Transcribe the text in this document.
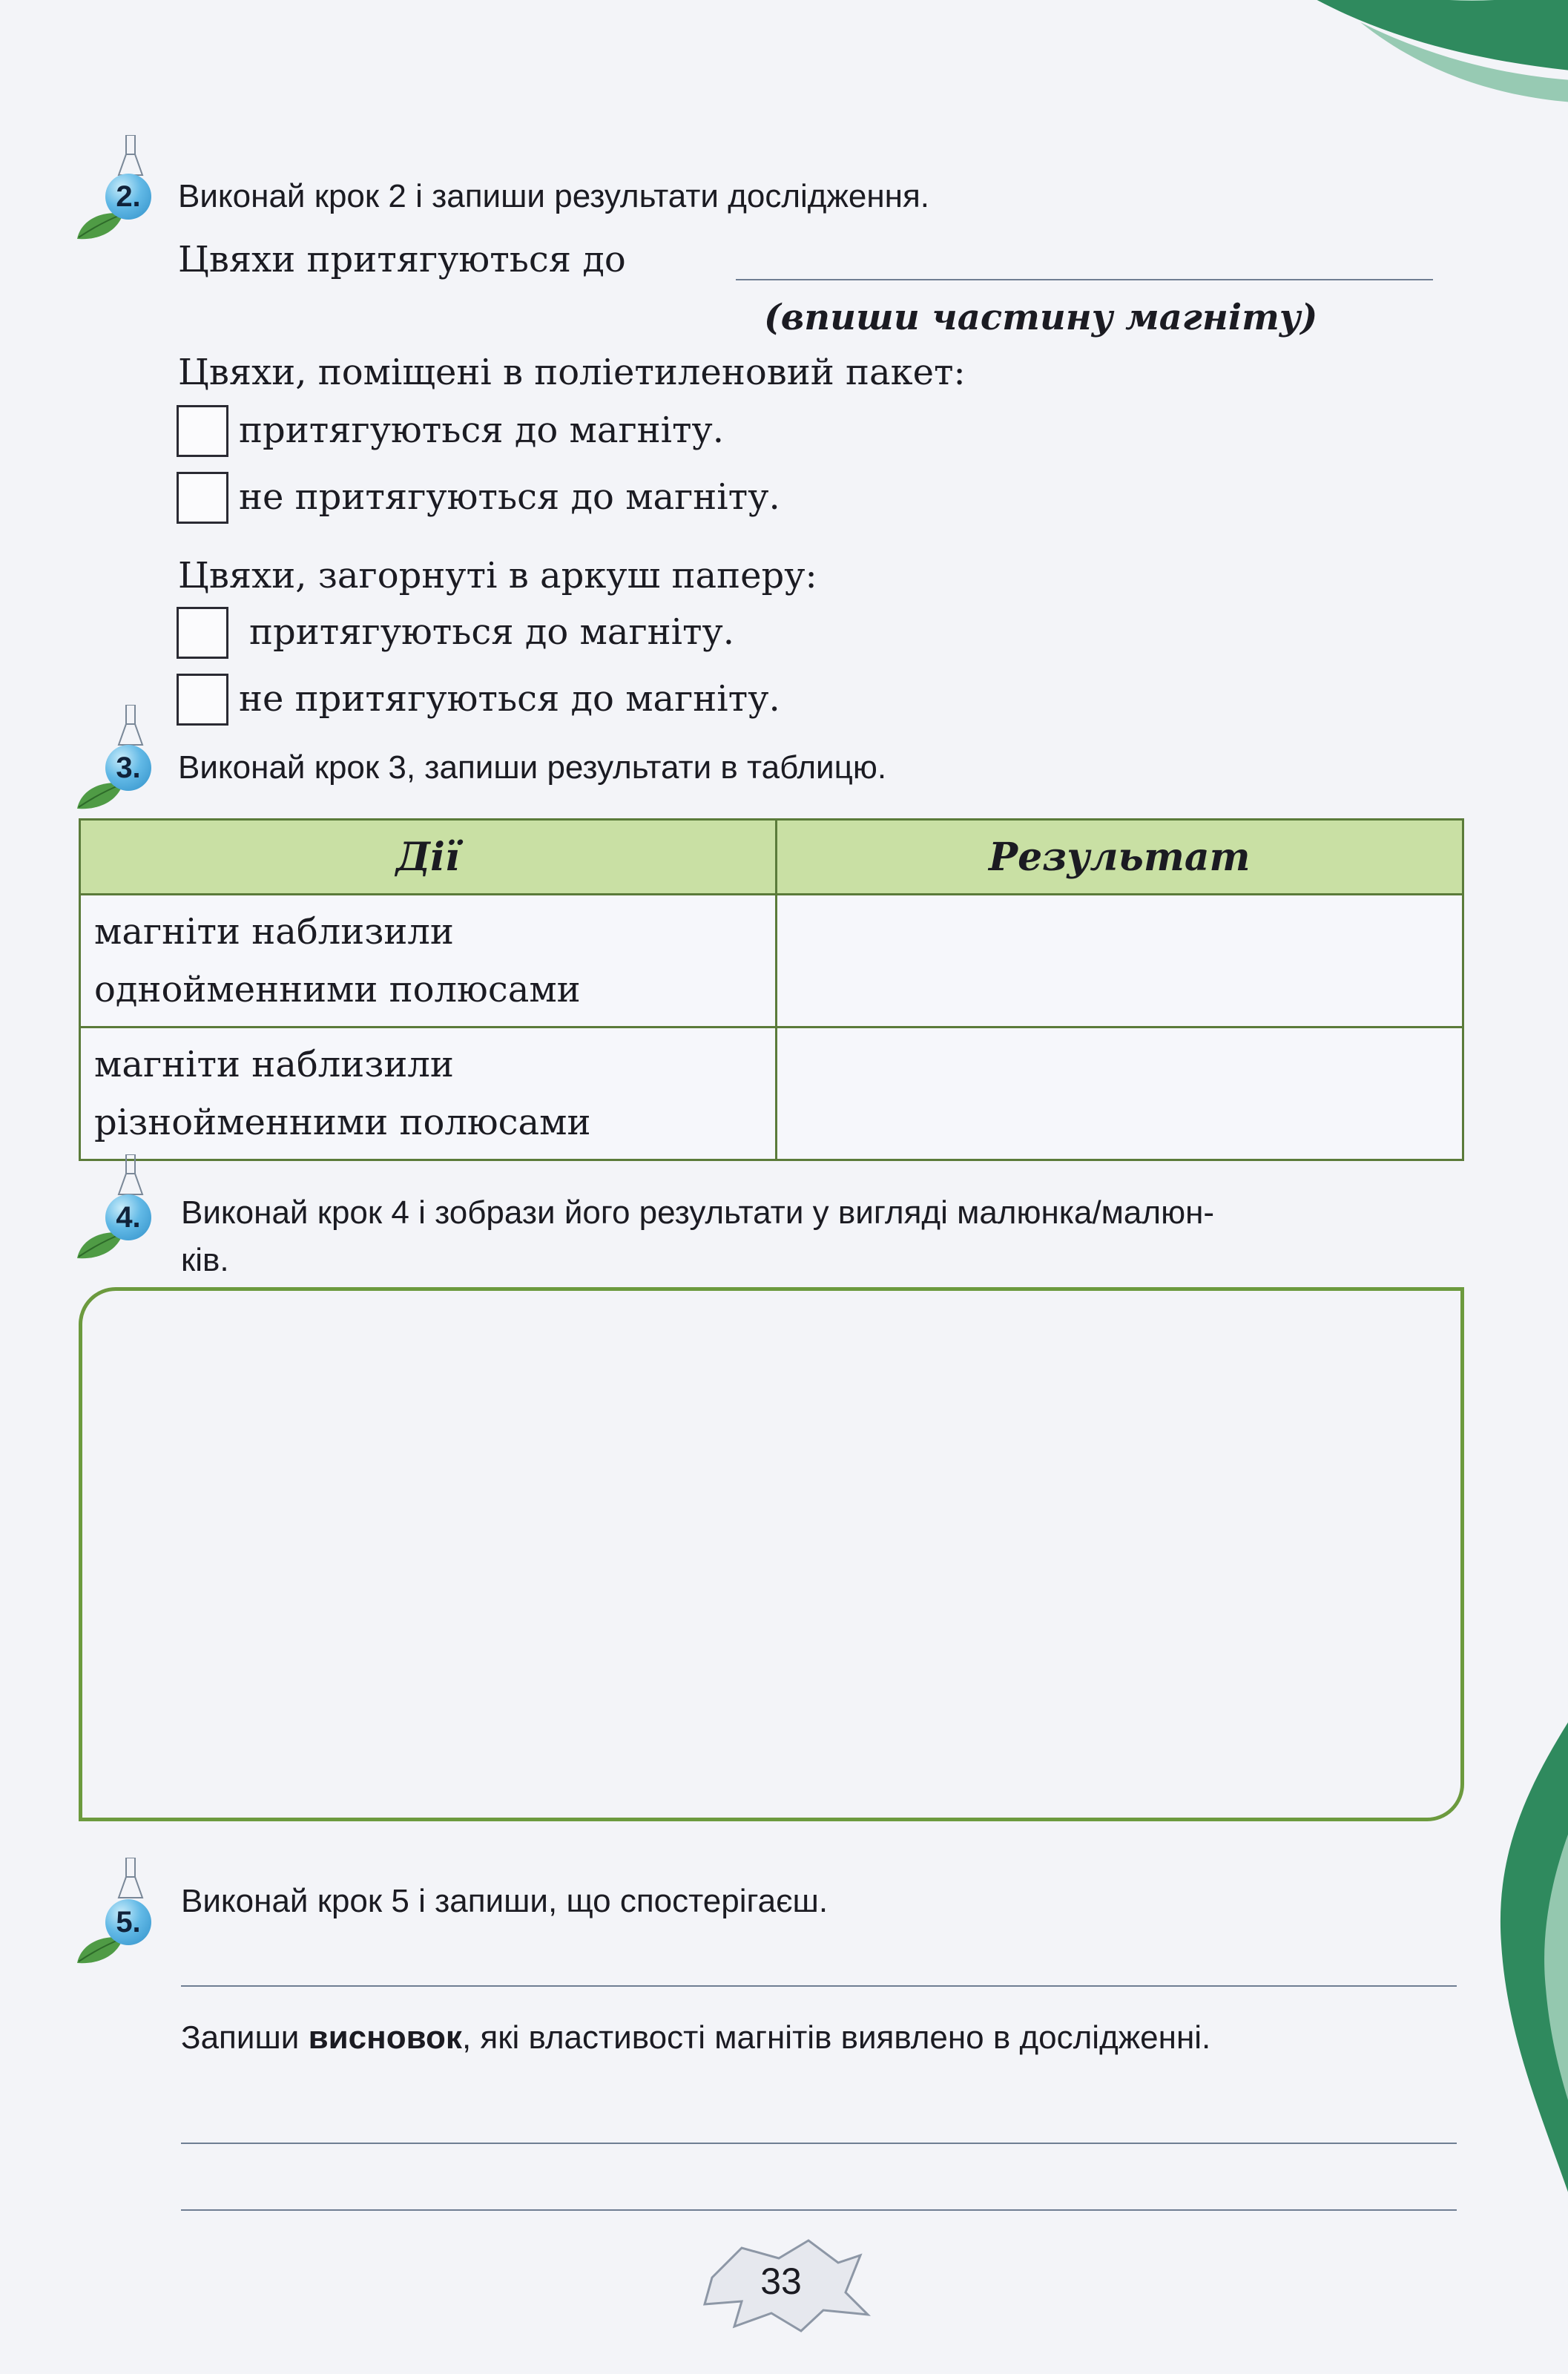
2.	Виконай крок 2 і запиши результати дослідження.
Цвяхи притягуються до
(впиши частину магніту)
Цвяхи, поміщені в поліетиленовий пакет:
притягуються до магніту.
не притягуються до магніту.
Цвяхи, загорнуті в аркуш паперу:
притягуються до магніту.
не притягуються до магніту.
3.	Виконай крок 3, запиши результати в таблицю.
Дії	Результат

магніти наблизили
однойменними полюсами	

магніти наблизили
різнойменними полюсами	

4.	Виконай крок 4 і зобрази його результати у вигляді малюнка/малюн-
ків.
5.
Виконай крок 5 і запиши, що спостерігаєш.
Запиши висновок, які властивості магнітів виявлено в дослідженні.
33
